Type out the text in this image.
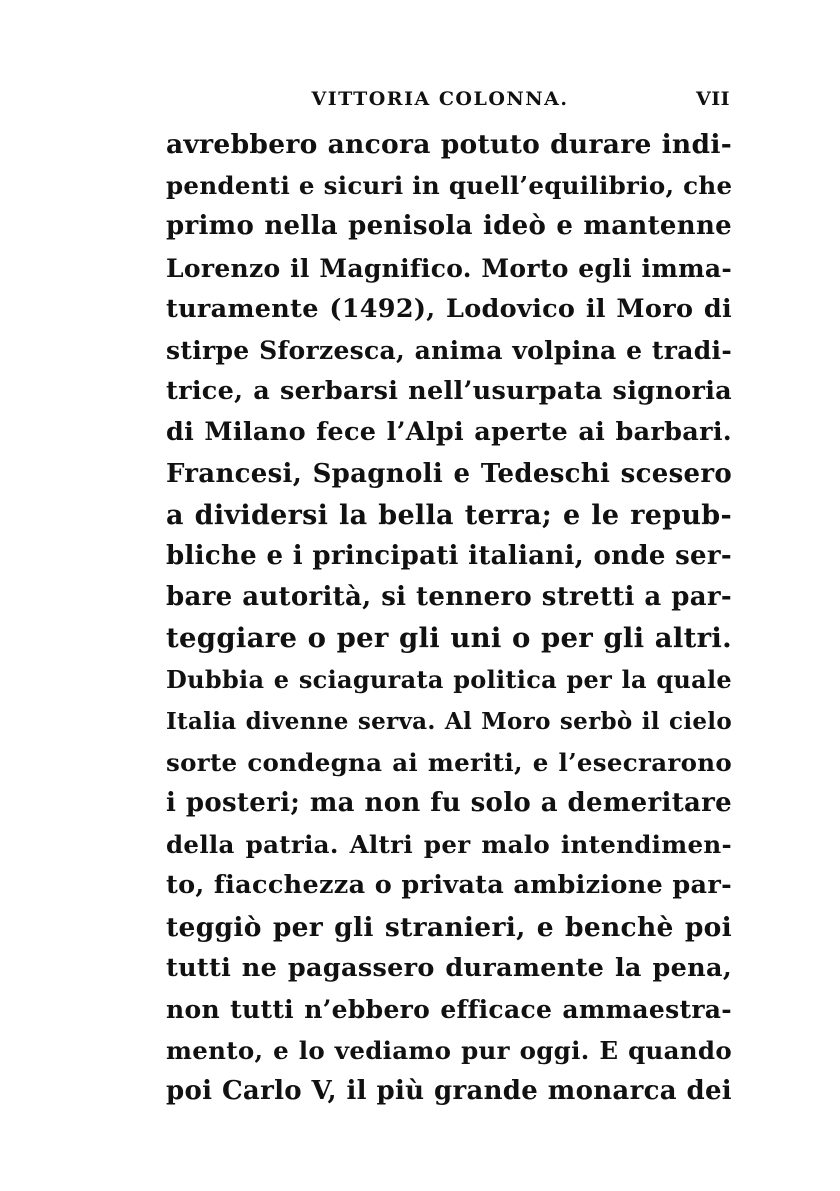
VITTORIA COLONNA.	VII
avrebbero ancora potuto durare indi-
pendenti e sicuri in quell’equilibrio, che
primo nella penisola ideò e mantenne
Lorenzo il Magnifico. Morto egli imma-
turamente (1492), Lodovico il Moro di
stirpe Sforzesca, anima volpina e tradi-
trice, a serbarsi nell’usurpata signoria
di Milano fece l’Alpi aperte ai barbari.
Francesi, Spagnoli e Tedeschi scesero
a dividersi la bella terra; e le repub-
bliche e i principati italiani, onde ser-
bare autorità, si tennero stretti a par-
teggiare o per gli uni o per gli altri.
Dubbia e sciagurata politica per la quale
Italia divenne serva. Al Moro serbò il cielo
sorte condegna ai meriti, e l’esecrarono
i posteri; ma non fu solo a demeritare
della patria. Altri per malo intendimen-
to, fiacchezza o privata ambizione par-
teggiò per gli stranieri, e benchè poi
tutti ne pagassero duramente la pena,
non tutti n’ebbero efficace ammaestra-
mento, e lo vediamo pur oggi. E quando
poi Carlo V, il più grande monarca dei
